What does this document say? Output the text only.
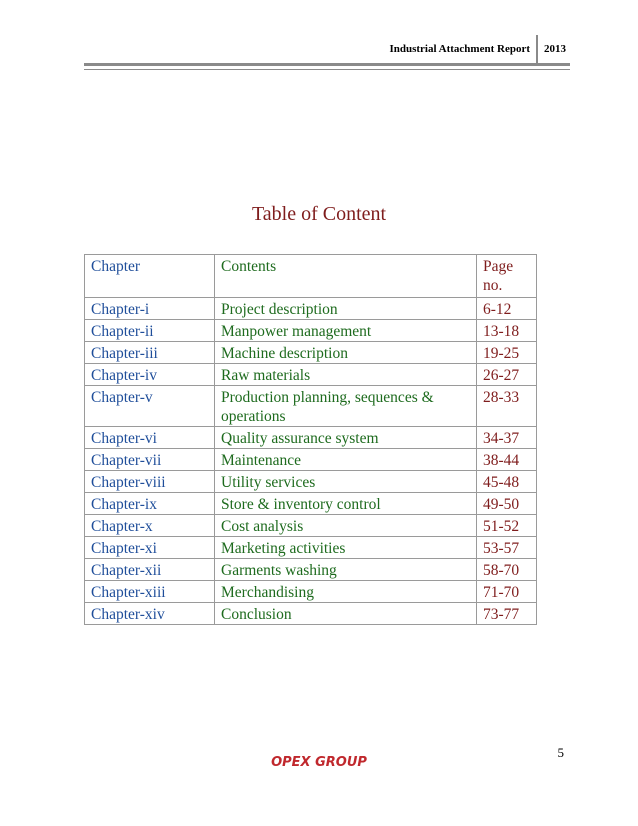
Industrial Attachment Report	2013
Table of Content
Chapter	Contents	Page no.
Chapter-i	Project description	6-12
Chapter-ii	Manpower management	13-18
Chapter-iii	Machine description	19-25
Chapter-iv	Raw materials	26-27
Chapter-v	Production planning, sequences & operations	28-33
Chapter-vi	Quality assurance system	34-37
Chapter-vii	Maintenance	38-44
Chapter-viii	Utility services	45-48
Chapter-ix	Store & inventory control	49-50
Chapter-x	Cost analysis	51-52
Chapter-xi	Marketing activities	53-57
Chapter-xii	Garments washing	58-70
Chapter-xiii	Merchandising	71-70
Chapter-xiv	Conclusion	73-77
5
OPEX GROUP
